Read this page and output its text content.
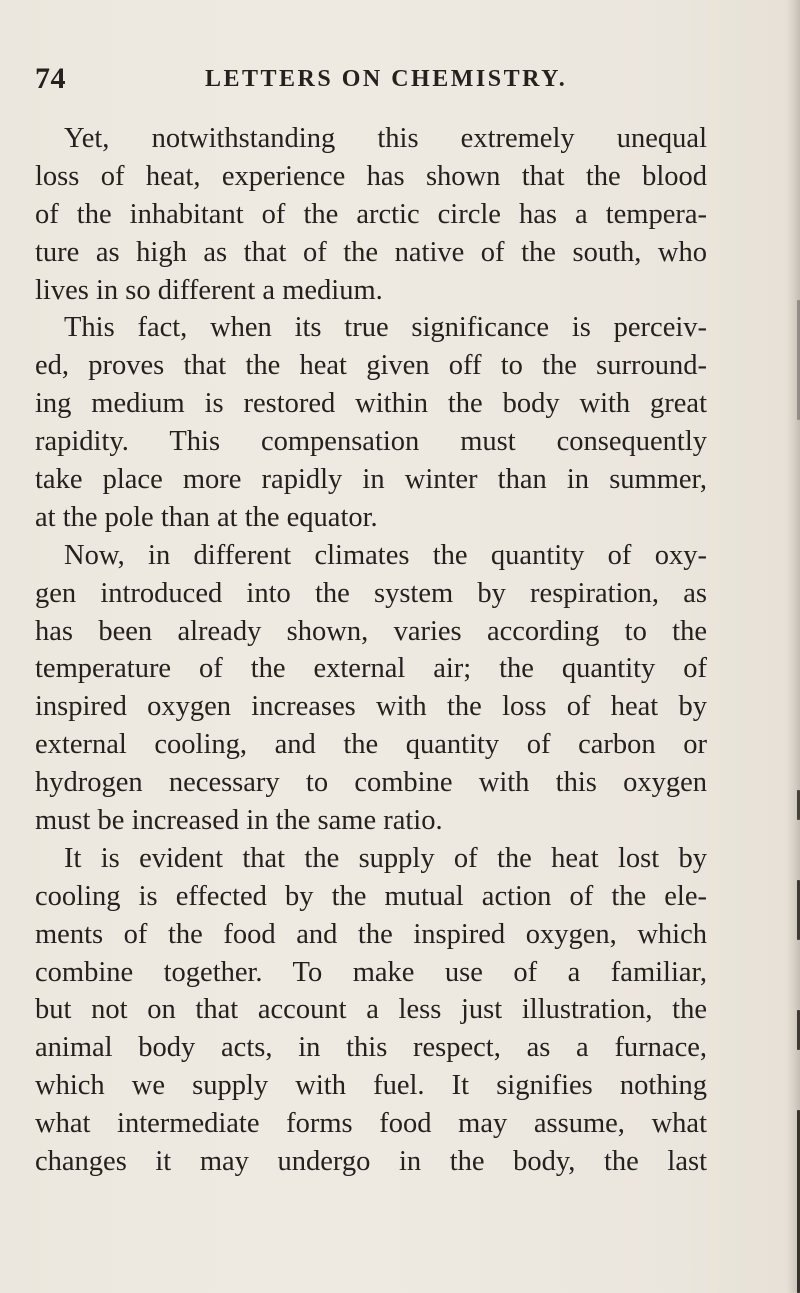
74	LETTERS ON CHEMISTRY.
Yet, notwithstanding this extremely unequal
loss of heat, experience has shown that the blood
of the inhabitant of the arctic circle has a tempera-
ture as high as that of the native of the south, who
lives in so different a medium.
This fact, when its true significance is perceiv-
ed, proves that the heat given off to the surround-
ing medium is restored within the body with great
rapidity. This compensation must consequently
take place more rapidly in winter than in summer,
at the pole than at the equator.
Now, in different climates the quantity of oxy-
gen introduced into the system by respiration, as
has been already shown, varies according to the
temperature of the external air; the quantity of
inspired oxygen increases with the loss of heat by
external cooling, and the quantity of carbon or
hydrogen necessary to combine with this oxygen
must be increased in the same ratio.
It is evident that the supply of the heat lost by
cooling is effected by the mutual action of the ele-
ments of the food and the inspired oxygen, which
combine together. To make use of a familiar,
but not on that account a less just illustration, the
animal body acts, in this respect, as a furnace,
which we supply with fuel. It signifies nothing
what intermediate forms food may assume, what
changes it may undergo in the body, the last
